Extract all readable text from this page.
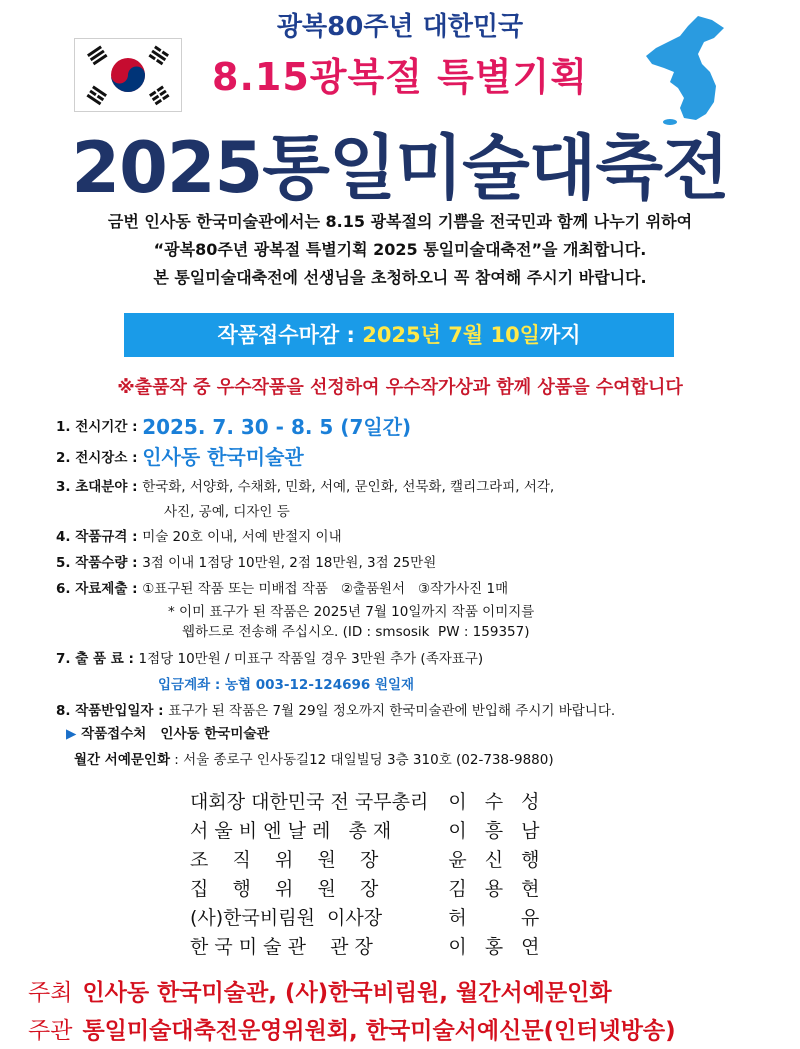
광복80주년 대한민국
8.15광복절 특별기획
2025통일미술대축전
금번 인사동 한국미술관에서는 8.15 광복절의 기쁨을 전국민과 함께 나누기 위하여
“광복80주년 광복절 특별기획 2025 통일미술대축전”을 개최합니다.
본 통일미술대축전에 선생님을 초청하오니 꼭 참여해 주시기 바랍니다.
작품접수마감 : 2025년 7월 10일까지
※출품작 중 우수작품을 선정하여 우수작가상과 함께 상품을 수여합니다
1. 전시기간 : 2025. 7. 30 - 8. 5 (7일간)
2. 전시장소 : 인사동 한국미술관
3. 초대분야 : 한국화, 서양화, 수채화, 민화, 서예, 문인화, 선묵화, 캘리그라피, 서각,
사진, 공예, 디자인 등
4. 작품규격 : 미술 20호 이내, 서예 반절지 이내
5. 작품수량 : 3점 이내 1점당 10만원, 2점 18만원, 3점 25만원
6. 자료제출 : ①표구된 작품 또는 미배접 작품   ②출품원서   ③작가사진 1매
* 이미 표구가 된 작품은 2025년 7월 10일까지 작품 이미지를
웹하드로 전송해 주십시오. (ID : smsosik  PW : 159357)
7. 출 품 료 : 1점당 10만원 / 미표구 작품일 경우 3만원 추가 (족자표구)
입금계좌 : 농협 003-12-124696 원일재
8. 작품반입일자 : 표구가 된 작품은 7월 29일 정오까지 한국미술관에 반입해 주시기 바랍니다.
▶ 작품접수처 인사동 한국미술관
월간 서예문인화 : 서울 종로구 인사동길12 대일빌딩 3층 310호 (02-738-9880)
대회장 대한민국 전 국무총리	이 수 성
서 울 비 엔 날 레   총 재	이 흥 남
조    직    위    원    장	윤 신 행
집    행    위    원    장	김 용 현
(사)한국비림원  이사장	허    유
한 국 미 술 관    관 장	이 홍 연
주최 인사동 한국미술관, (사)한국비림원, 월간서예문인화
주관 통일미술대축전운영위원회, 한국미술서예신문(인터넷방송)
